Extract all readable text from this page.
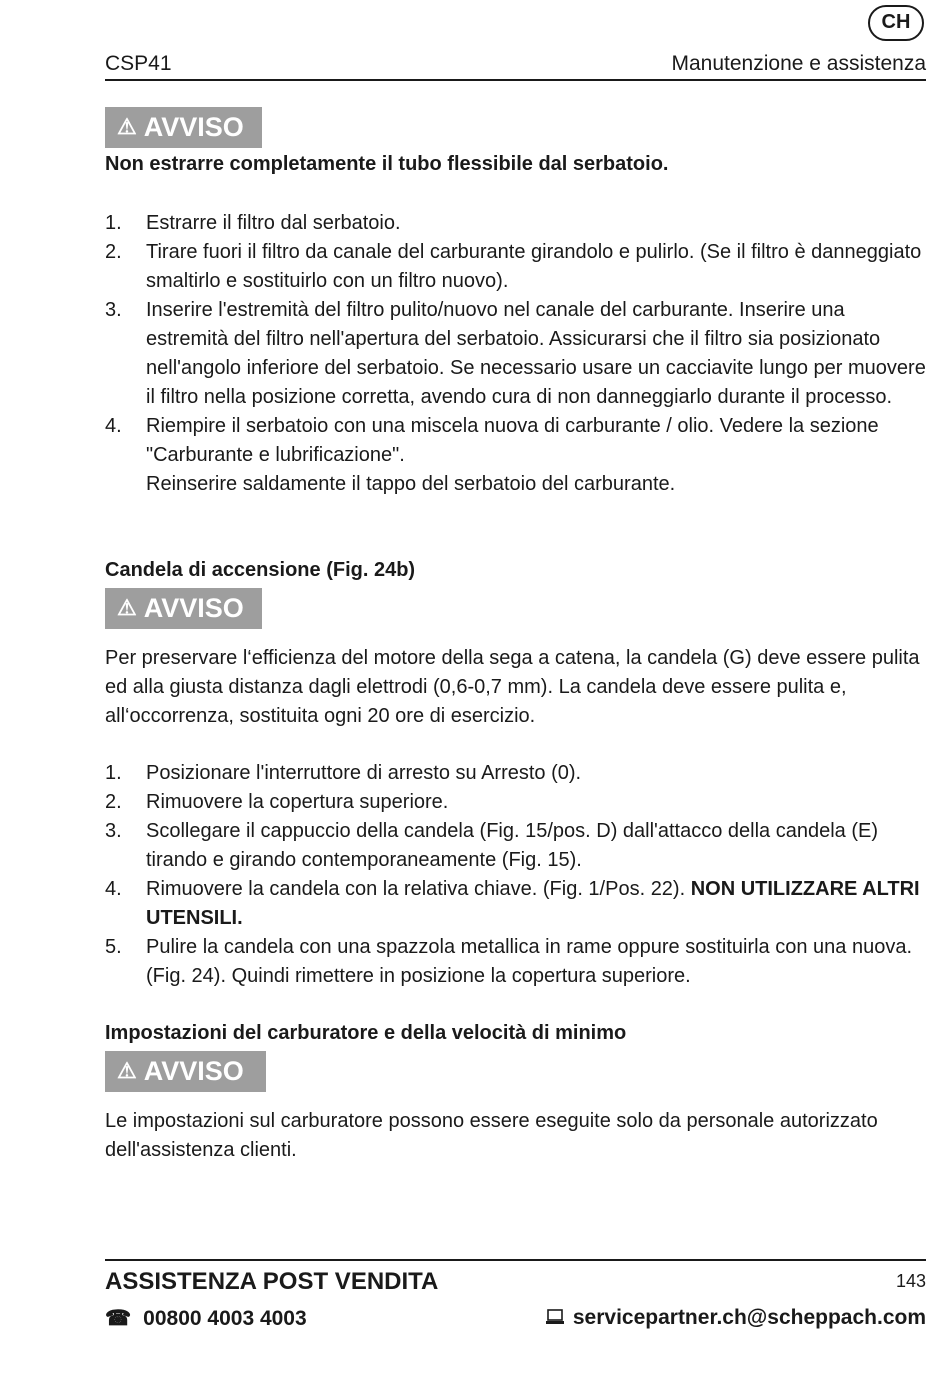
CH
CSP41	Manutenzione e assistenza
⚠ AVVISO
Non estrarre completamente il tubo flessibile dal serbatoio.
1. Estrarre il filtro dal serbatoio.
2. Tirare fuori il filtro da canale del carburante girandolo e pulirlo. (Se il filtro è danneggiato smaltirlo e sostituirlo con un filtro nuovo).
3. Inserire l'estremità del filtro pulito/nuovo nel canale del carburante. Inserire una estremità del filtro nell'apertura del serbatoio. Assicurarsi che il filtro sia posizionato nell'angolo inferiore del serbatoio. Se necessario usare un cacciavite lungo per muovere il filtro nella posizione corretta, avendo cura di non danneggiarlo durante il processo.
4. Riempire il serbatoio con una miscela nuova di carburante / olio. Vedere la sezione "Carburante e lubrificazione".
Reinserire saldamente il tappo del serbatoio del carburante.
Candela di accensione (Fig. 24b)
⚠ AVVISO
Per preservare l‘efficienza del motore della sega a catena, la candela (G) deve essere pulita ed alla giusta distanza dagli elettrodi (0,6-0,7 mm). La candela deve essere pulita e, all‘occorrenza, sostituita ogni 20 ore di esercizio.
1. Posizionare l'interruttore di arresto su Arresto (0).
2. Rimuovere la copertura superiore.
3. Scollegare il cappuccio della candela (Fig. 15/pos. D) dall'attacco della candela (E) tirando e girando contemporaneamente (Fig. 15).
4. Rimuovere la candela con la relativa chiave. (Fig. 1/Pos. 22). NON UTILIZZARE ALTRI UTENSILI.
5. Pulire la candela con una spazzola metallica in rame oppure sostituirla con una nuova. (Fig. 24). Quindi rimettere in posizione la copertura superiore.
Impostazioni del carburatore e della velocità di minimo
⚠ AVVISO
Le impostazioni sul carburatore possono essere eseguite solo da personale autorizzato dell'assistenza clienti.
ASSISTENZA POST VENDITA	143
☎ 00800 4003 4003	servicepartner.ch@scheppach.com
